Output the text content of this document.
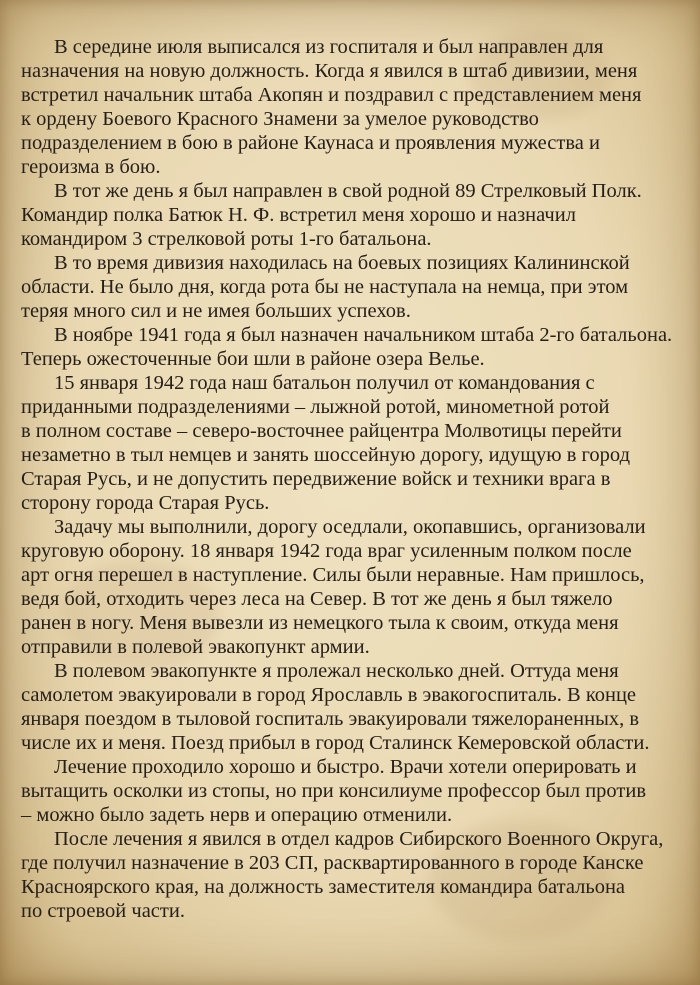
В середине июля выписался из госпиталя и был направлен для
назначения на новую должность. Когда я явился в штаб дивизии, меня
встретил начальник штаба Акопян и поздравил с представлением меня
к ордену Боевого Красного Знамени за умелое руководство
подразделением в бою в районе Каунаса и проявления мужества и
героизма в бою.
В тот же день я был направлен в свой родной 89 Стрелковый Полк.
Командир полка Батюк Н. Ф. встретил меня хорошо и назначил
командиром 3 стрелковой роты 1-го батальона.
В то время дивизия находилась на боевых позициях Калининской
области. Не было дня, когда рота бы не наступала на немца, при этом
теряя много сил и не имея больших успехов.
В ноябре 1941 года я был назначен начальником штаба 2-го батальона.
Теперь ожесточенные бои шли в районе озера Велье.
15 января 1942 года наш батальон получил от командования с
приданными подразделениями – лыжной ротой, минометной ротой
в полном составе – северо-восточнее райцентра Молвотицы перейти
незаметно в тыл немцев и занять шоссейную дорогу, идущую в город
Старая Русь, и не допустить передвижение войск и техники врага в
сторону города Старая Русь.
Задачу мы выполнили, дорогу оседлали, окопавшись, организовали
круговую оборону. 18 января 1942 года враг усиленным полком после
арт огня перешел в наступление. Силы были неравные. Нам пришлось,
ведя бой, отходить через леса на Север. В тот же день я был тяжело
ранен в ногу. Меня вывезли из немецкого тыла к своим, откуда меня
отправили в полевой эвакопункт армии.
В полевом эвакопункте я пролежал несколько дней. Оттуда меня
самолетом эвакуировали в город Ярославль в эвакогоспиталь. В конце
января поездом в тыловой госпиталь эвакуировали тяжелораненных, в
числе их и меня. Поезд прибыл в город Сталинск Кемеровской области.
Лечение проходило хорошо и быстро. Врачи хотели оперировать и
вытащить осколки из стопы, но при консилиуме профессор был против
– можно было задеть нерв и операцию отменили.
После лечения я явился в отдел кадров Сибирского Военного Округа,
где получил назначение в 203 СП, расквартированного в городе Канске
Красноярского края, на должность заместителя командира батальона
по строевой части.
